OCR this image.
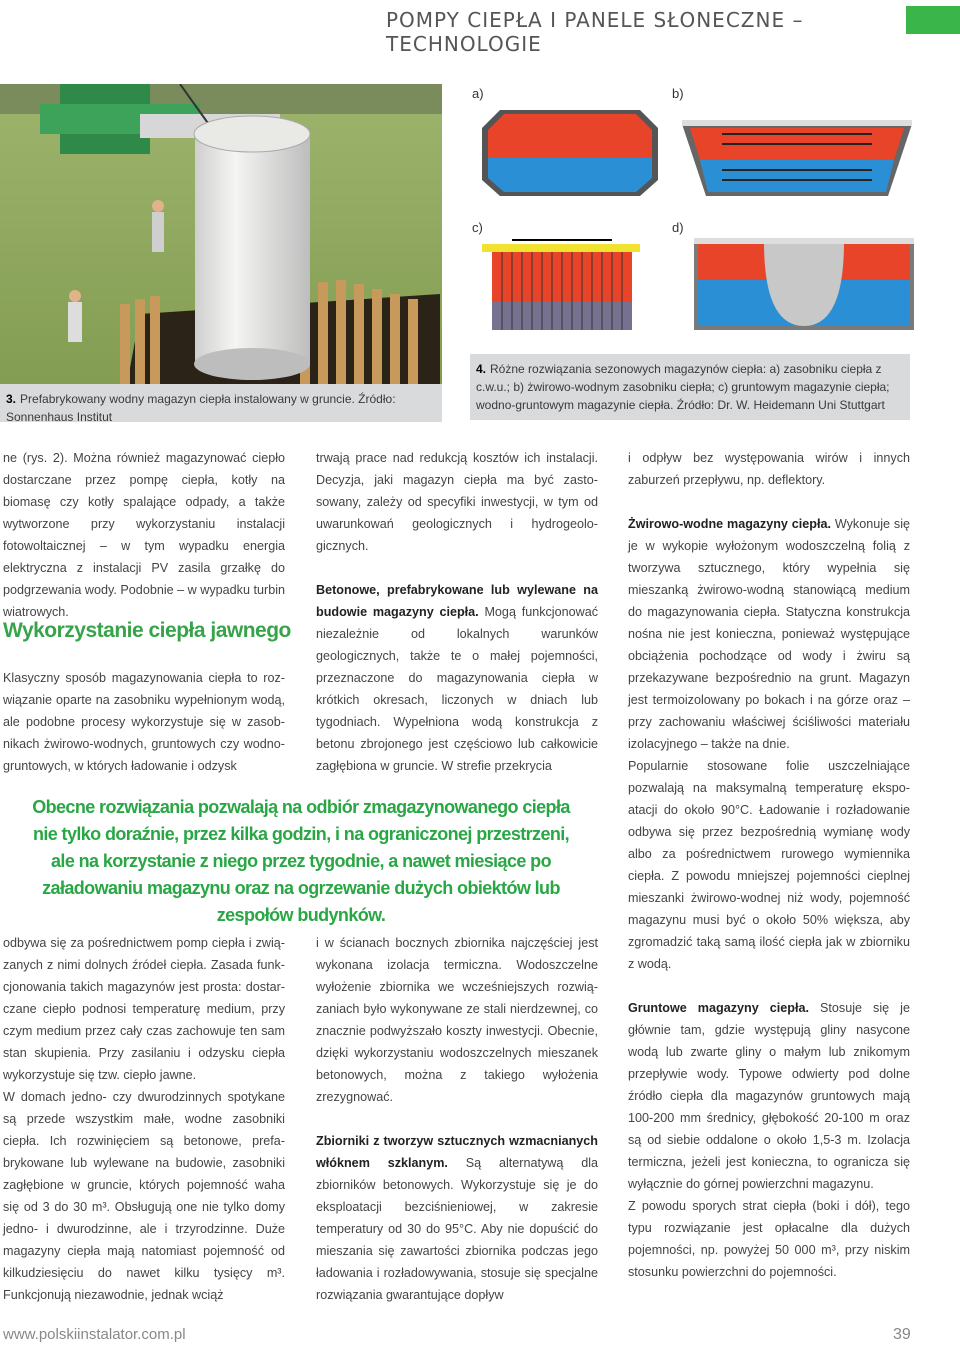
POMPY CIEPŁA I PANELE SŁONECZNE – TECHNOLOGIE
3. Prefabrykowany wodny magazyn ciepła instalowany w gruncie. Źródło: Sonnenhaus Institut
a)	b)
c)	d)
4. Różne rozwiązania sezonowych magazynów ciepła: a) zasobniku ciepła z c.w.u.; b) żwirowo-wodnym zasobniku ciepła; c) gruntowym magazynie ciepła; wodno-gruntowym magazynie ciepła. Źródło: Dr. W. Heidemann Uni Stuttgart

ne (rys. 2). Można również magazynować ciepło dostarczane przez pompę ciepła, kotły na biomasę czy kotły spalające odpady, a także wytworzone przy wykorzystaniu instalacji fotowoltaicznej – w tym wypadku energia elektryczna z instalacji PV zasila grzałkę do podgrzewania wody. Podobnie – w wypadku turbin wiatrowych.

Wykorzystanie ciepła jawnego

Klasyczny sposób magazynowania ciepła to rozwiązanie oparte na zasobniku wypełnionym wodą, ale podobne procesy wykorzystuje się w zasobnikach żwirowo-wodnych, gruntowych czy wodno-gruntowych, w których ładowanie i odzysk

trwają prace nad redukcją kosztów ich instalacji. Decyzja, jaki magazyn ciepła ma być zastosowany, zależy od specyfiki inwestycji, w tym od uwarunkowań geologicznych i hydrogeologicznych.

Betonowe, prefabrykowane lub wylewane na budowie magazyny ciepła. Mogą funkcjonować niezależnie od lokalnych warunków geologicznych, także te o małej pojemności, przeznaczone do magazynowania ciepła w krótkich okresach, liczonych w dniach lub tygodniach. Wypełniona wodą konstrukcja z betonu zbrojonego jest częściowo lub całkowicie zagłębiona w gruncie. W strefie przekrycia

Obecne rozwiązania pozwalają na odbiór zmagazynowanego ciepła nie tylko doraźnie, przez kilka godzin, i na ograniczonej przestrzeni, ale na korzystanie z niego przez tygodnie, a nawet miesiące po załadowaniu magazynu oraz na ogrzewanie dużych obiektów lub zespołów budynków.

odbywa się za pośrednictwem pomp ciepła i związanych z nimi dolnych źródeł ciepła. Zasada funkcjonowania takich magazynów jest prosta: dostarczane ciepło podnosi temperaturę medium, przy czym medium przez cały czas zachowuje ten sam stan skupienia. Przy zasilaniu i odzysku ciepła wykorzystuje się tzw. ciepło jawne.

W domach jedno- czy dwurodzinnych spotykane są przede wszystkim małe, wodne zasobniki ciepła. Ich rozwinięciem są betonowe, prefabrykowane lub wylewane na budowie, zasobniki zagłębione w gruncie, których pojemność waha się od 3 do 30 m³. Obsługują one nie tylko domy jedno- i dwurodzinne, ale i trzyrodzinne. Duże magazyny ciepła mają natomiast pojemność od kilkudziesięciu do nawet kilku tysięcy m³. Funkcjonują niezawodnie, jednak wciąż

i w ścianach bocznych zbiornika najczęściej jest wykonana izolacja termiczna. Wodoszczelne wyłożenie zbiornika we wcześniejszych rozwiązaniach było wykonywane ze stali nierdzewnej, co znacznie podwyższało koszty inwestycji. Obecnie, dzięki wykorzystaniu wodoszczelnych mieszanek betonowych, można z takiego wyłożenia zrezygnować.

Zbiorniki z tworzyw sztucznych wzmacnianych włóknem szklanym. Są alternatywą dla zbiorników betonowych. Wykorzystuje się je do eksploatacji bezciśnieniowej, w zakresie temperatury od 30 do 95°C. Aby nie dopuścić do mieszania się zawartości zbiornika podczas jego ładowania i rozładowywania, stosuje się specjalne rozwiązania gwarantujące dopływ

i odpływ bez występowania wirów i innych zaburzeń przepływu, np. deflektory.

Żwirowo-wodne magazyny ciepła. Wykonuje się je w wykopie wyłożonym wodoszczelną folią z tworzywa sztucznego, który wypełnia się mieszanką żwirowo-wodną stanowiącą medium do magazynowania ciepła. Statyczna konstrukcja nośna nie jest konieczna, ponieważ występujące obciążenia pochodzące od wody i żwiru są przekazywane bezpośrednio na grunt. Magazyn jest termoizolowany po bokach i na górze oraz – przy zachowaniu właściwej ściśliwości materiału izolacyjnego – także na dnie.

Popularnie stosowane folie uszczelniające pozwalają na maksymalną temperaturę ekspoatacji do około 90°C. Ładowanie i rozładowanie odbywa się przez bezpośrednią wymianę wody albo za pośrednictwem rurowego wymiennika ciepła. Z powodu mniejszej pojemności cieplnej mieszanki żwirowo-wodnej niż wody, pojemność magazynu musi być o około 50% większa, aby zgromadzić taką samą ilość ciepła jak w zbiorniku z wodą.

Gruntowe magazyny ciepła. Stosuje się je głównie tam, gdzie występują gliny nasycone wodą lub zwarte gliny o małym lub znikomym przepływie wody. Typowe odwierty pod dolne źródło ciepła dla magazynów gruntowych mają 100-200 mm średnicy, głębokość 20-100 m oraz są od siebie oddalone o około 1,5-3 m. Izolacja termiczna, jeżeli jest konieczna, to ogranicza się wyłącznie do górnej powierzchni magazynu.

Z powodu sporych strat ciepła (boki i dół), tego typu rozwiązanie jest opłacalne dla dużych pojemności, np. powyżej 50 000 m³, przy niskim stosunku powierzchni do pojemności.

www.polskiinstalator.com.pl	39
